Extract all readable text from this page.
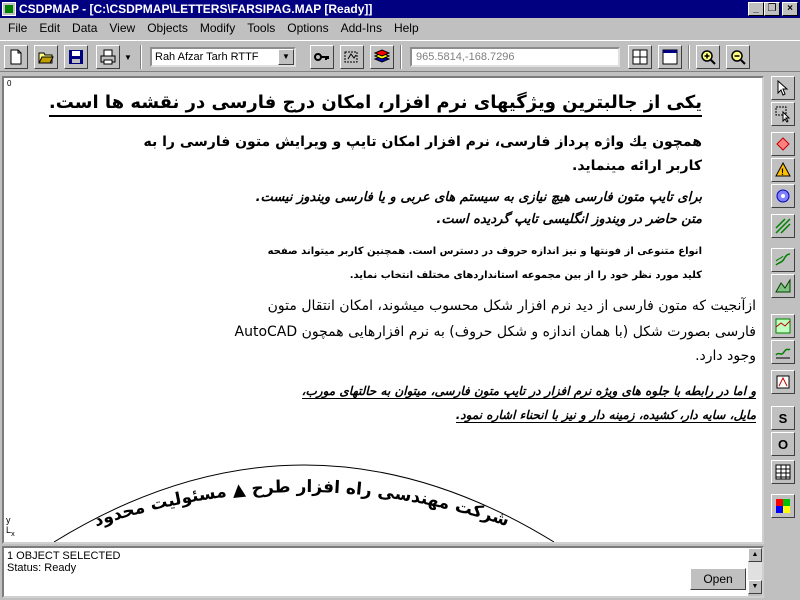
CSDPMAP - [C:\CSDPMAP\LETTERS\FARSIPAG.MAP [Ready]]	_ ❐	×
File	Edit	Data	View	Objects	Modify	Tools	Options	Add-Ins	Help
▼ Rah Afzar Tarh RTTF	▼	965.5814,-168.7296
0
یکی از جالبترین ویژگیهای نرم افزار، امکان درج فارسی در نقشه ها است.
همچون یك واژه پرداز فارسی، نرم افزار امکان تایپ و ویرایش متون فارسی را به
کاربر ارائه مینماید.
برای تایپ متون فارسی هیچ نیازی به سیستم های عربی و یا فارسی ویندوز نیست.
متن حاضر در ویندوز انگلیسی تایپ گردیده است.
انواع متنوعی از فونتها و نیز اندازه حروف در دسترس است. همچنین کاربر میتواند صفحه
کلید مورد نظر خود را از بین مجموعه استانداردهای مختلف انتخاب نماید.
ازآنجیت که متون فارسی از دید نرم افزار شکل محسوب میشوند، امکان انتقال متون
فارسی بصورت شکل (با همان اندازه و شکل حروف) به نرم افزارهایی همچون AutoCAD
وجود دارد.
و اما در رابطه با جلوه های ویژه نرم افزار در تایپ متون فارسی، میتوان به حالتهای مورب،
مایل، سایه دار، کشیده، زمینه دار و نیز با انحناء اشاره نمود.
شرکت مهندسی راه افزار طرح ▲ مسئولیت محدود
y
$L_x$
!
S
O
1 OBJECT SELECTED
Status: Ready
Open
▲
▼
